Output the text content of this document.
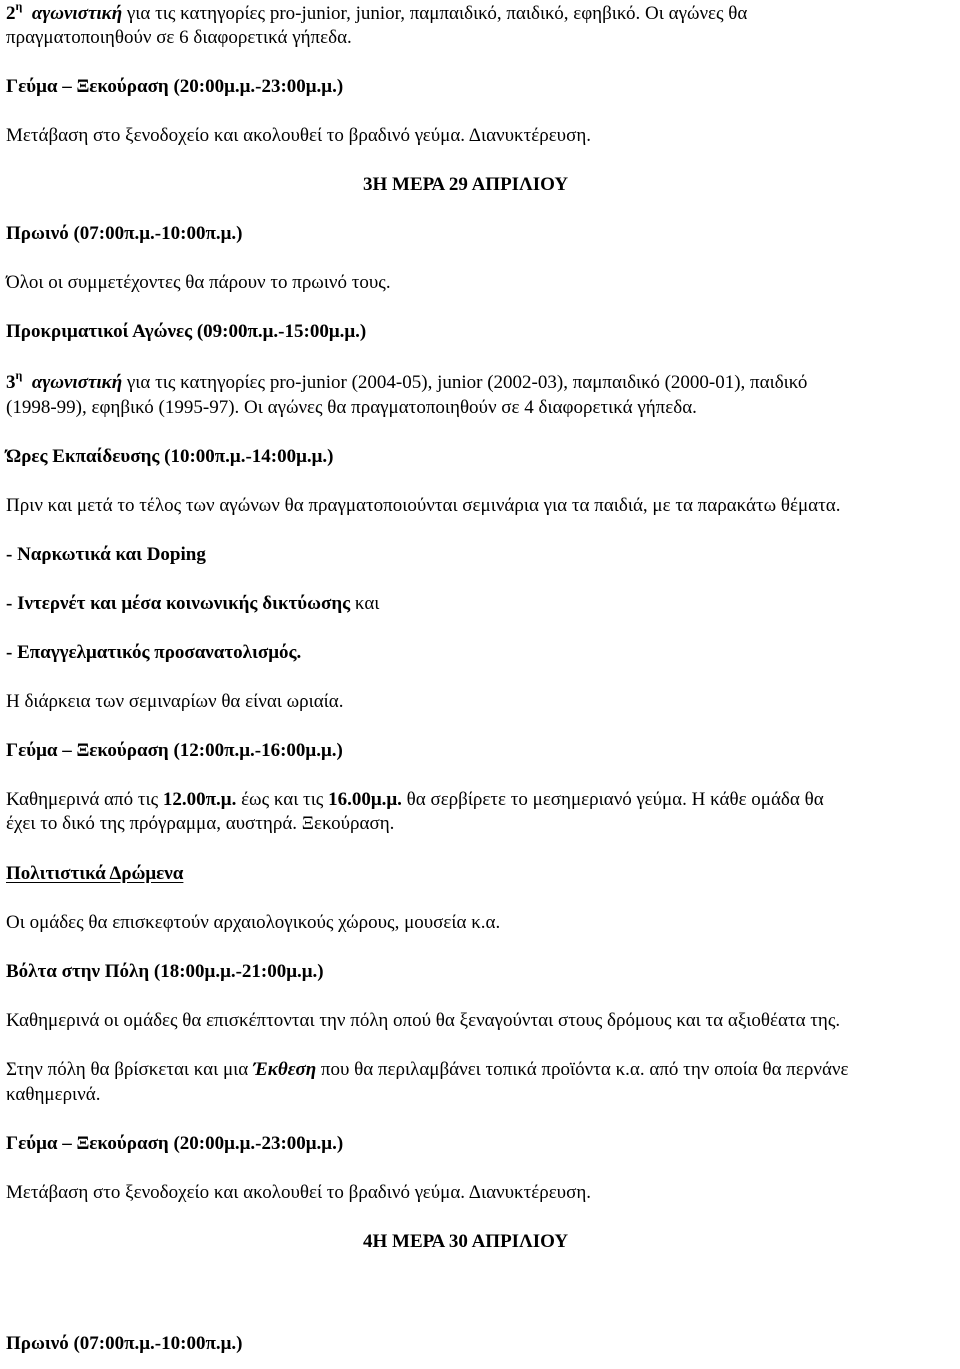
$2^\eta$ αγωνιστική για τις κατηγορίες pro-junior, junior, παμπαιδικό, παιδικό, εφηβικό. Οι αγώνες θα
πραγματοποιηθούν σε 6 διαφορετικά γήπεδα.
Γεύμα – Ξεκούραση (20:00μ.μ.-23:00μ.μ.)
Μετάβαση στο ξενοδοχείο και ακολουθεί το βραδινό γεύμα. Διανυκτέρευση.
3Η ΜΕΡΑ 29 ΑΠΡΙΛΙΟΥ
Πρωινό (07:00π.μ.-10:00π.μ.)
Όλοι οι συμμετέχοντες θα πάρουν το πρωινό τους.
Προκριματικοί Αγώνες (09:00π.μ.-15:00μ.μ.)
$3^\eta$ αγωνιστική για τις κατηγορίες pro-junior (2004-05), junior (2002-03), παμπαιδικό (2000-01), παιδικό
(1998-99), εφηβικό (1995-97). Οι αγώνες θα πραγματοποιηθούν σε 4 διαφορετικά γήπεδα.
Ώρες Εκπαίδευσης (10:00π.μ.-14:00μ.μ.)
Πριν και μετά το τέλος των αγώνων θα πραγματοποιούνται σεμινάρια για τα παιδιά, με τα παρακάτω θέματα.
- Ναρκωτικά και Doping
- Ιντερνέτ και μέσα κοινωνικής δικτύωσης και
- Επαγγελματικός προσανατολισμός.
Η διάρκεια των σεμιναρίων θα είναι ωριαία.
Γεύμα – Ξεκούραση (12:00π.μ.-16:00μ.μ.)
Καθημερινά από τις 12.00π.μ. έως και τις 16.00μ.μ. θα σερβίρετε το μεσημεριανό γεύμα. Η κάθε ομάδα θα
έχει το δικό της πρόγραμμα, αυστηρά. Ξεκούραση.
Πολιτιστικά Δρώμενα
Οι ομάδες θα επισκεφτούν αρχαιολογικούς χώρους, μουσεία κ.α.
Βόλτα στην Πόλη (18:00μ.μ.-21:00μ.μ.)
Καθημερινά οι ομάδες θα επισκέπτονται την πόλη οπού θα ξεναγούνται στους δρόμους και τα αξιοθέατα της.
Στην πόλη θα βρίσκεται και μια Έκθεση που θα περιλαμβάνει τοπικά προϊόντα κ.α. από την οποία θα περνάνε
καθημερινά.
Γεύμα – Ξεκούραση (20:00μ.μ.-23:00μ.μ.)
Μετάβαση στο ξενοδοχείο και ακολουθεί το βραδινό γεύμα. Διανυκτέρευση.
4Η ΜΕΡΑ 30 ΑΠΡΙΛΙΟΥ
Πρωινό (07:00π.μ.-10:00π.μ.)
